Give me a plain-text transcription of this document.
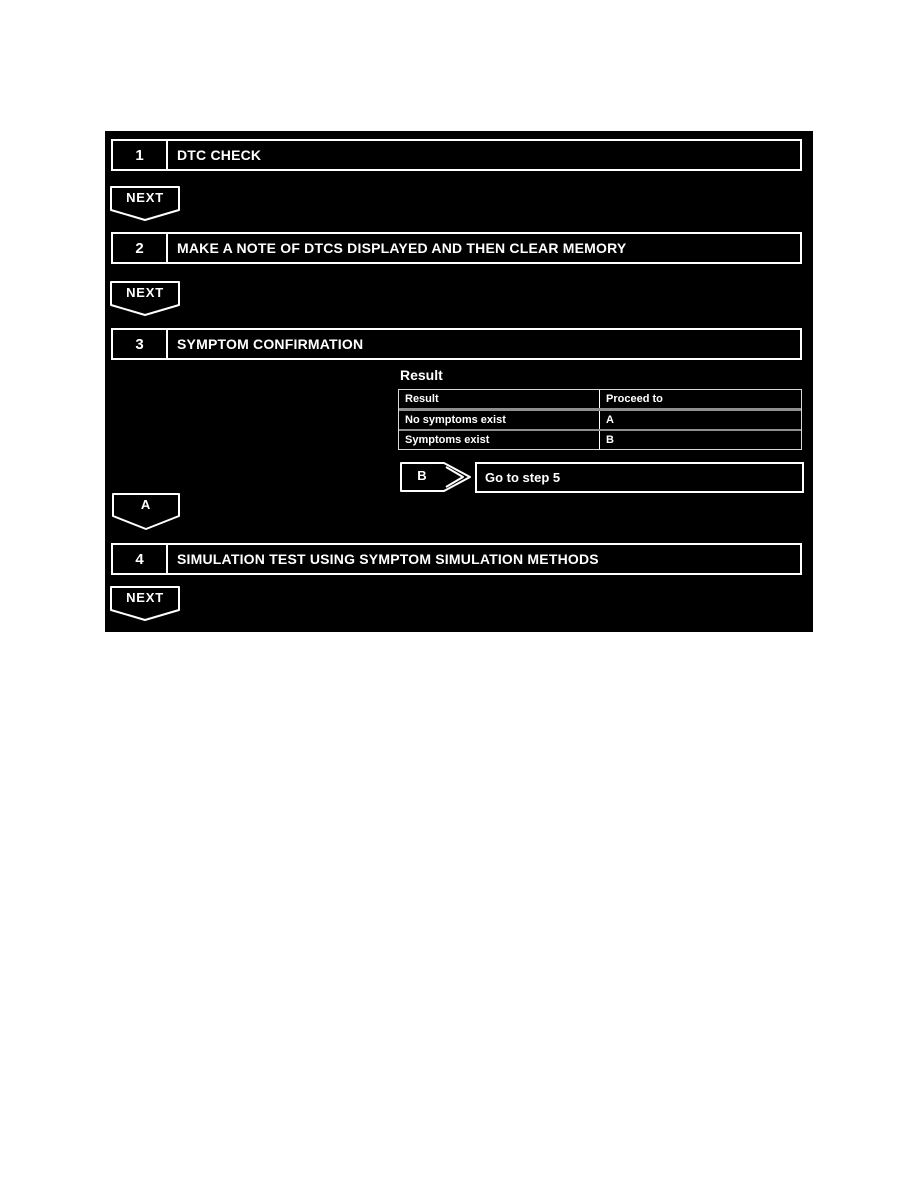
1	DTC CHECK
NEXT
2	MAKE A NOTE OF DTCS DISPLAYED AND THEN CLEAR MEMORY
NEXT
3	SYMPTOM CONFIRMATION
Result
Result	Proceed to
No symptoms exist	A
Symptoms exist	B
B	Go to step 5
A
4	SIMULATION TEST USING SYMPTOM SIMULATION METHODS
NEXT
